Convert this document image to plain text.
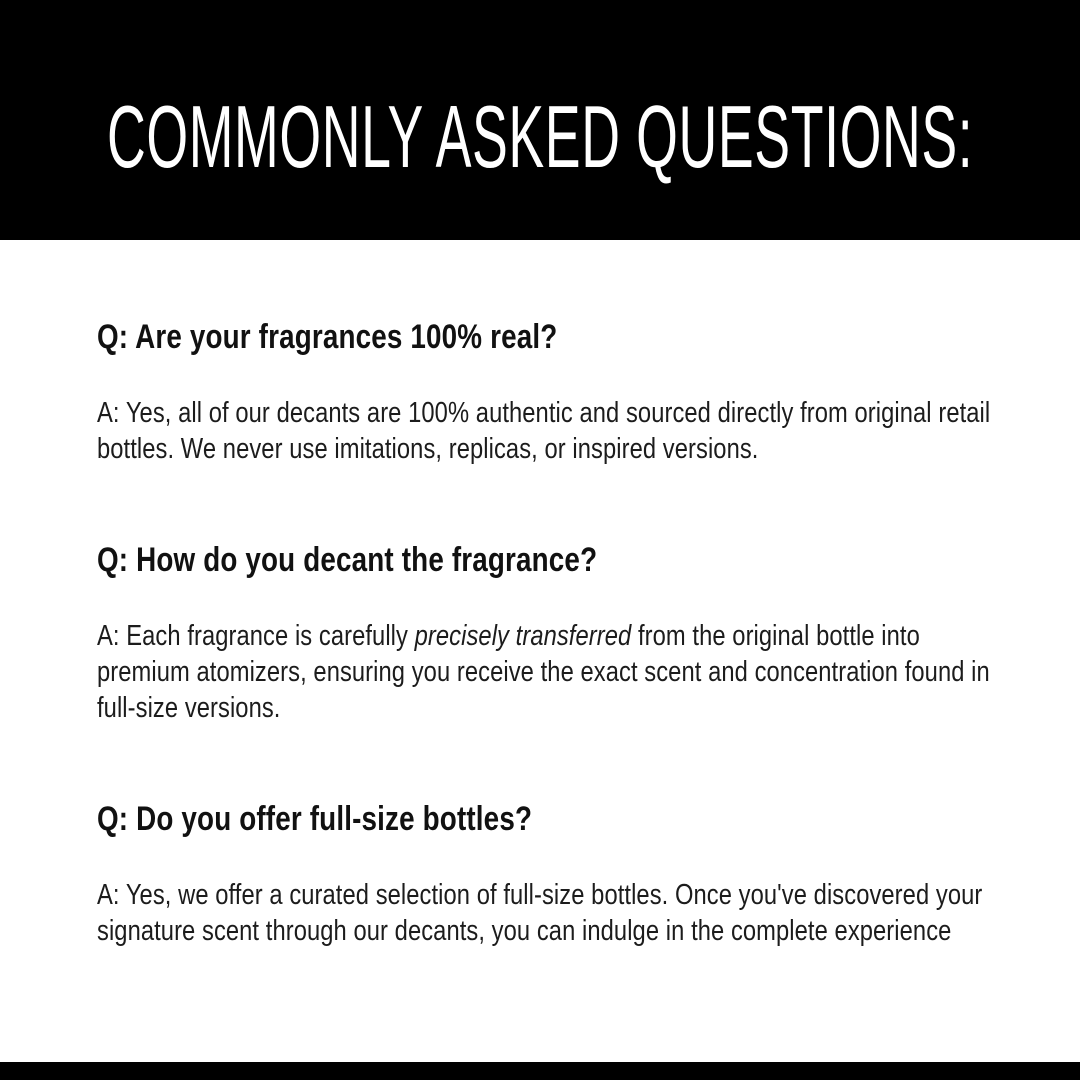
COMMONLY ASKED QUESTIONS:
Q: Are your fragrances 100% real?

A: Yes, all of our decants are 100% authentic and sourced directly from original retail bottles. We never use imitations, replicas, or inspired versions.

Q: How do you decant the fragrance?

A: Each fragrance is carefully precisely transferred from the original bottle into premium atomizers, ensuring you receive the exact scent and concentration found in full-size versions.

Q: Do you offer full-size bottles?

A: Yes, we offer a curated selection of full-size bottles. Once you've discovered your signature scent through our decants, you can indulge in the complete experience
